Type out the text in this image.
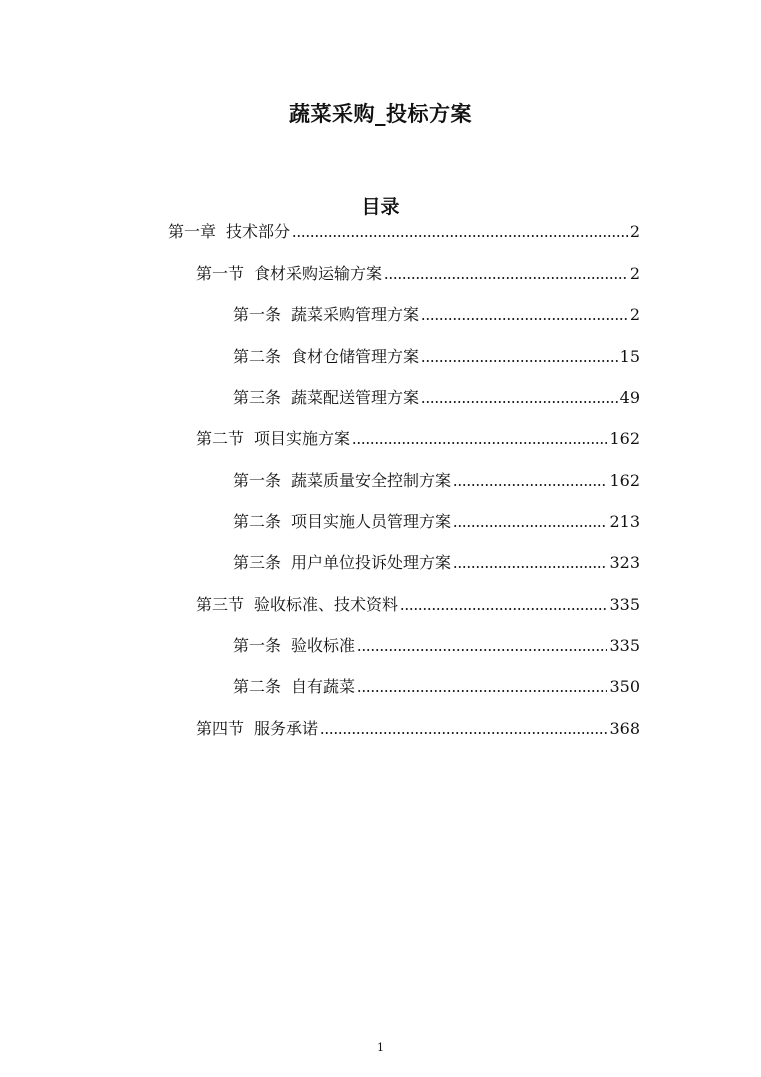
蔬菜采购_投标方案
目录
第一章 技术部分	2
第一节 食材采购运输方案	2
第一条 蔬菜采购管理方案	2
第二条 食材仓储管理方案	15
第三条 蔬菜配送管理方案	49
第二节 项目实施方案	162
第一条 蔬菜质量安全控制方案	162
第二条 项目实施人员管理方案	213
第三条 用户单位投诉处理方案	323
第三节 验收标准、技术资料	335
第一条 验收标准	335
第二条 自有蔬菜	350
第四节 服务承诺	368
1
